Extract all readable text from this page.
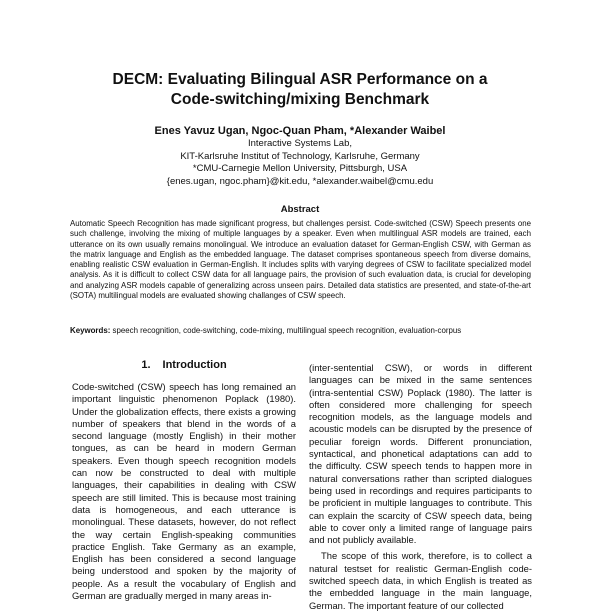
DECM: Evaluating Bilingual ASR Performance on a
Code-switching/mixing Benchmark
Enes Yavuz Ugan, Ngoc-Quan Pham, *Alexander Waibel
Interactive Systems Lab,
KIT-Karlsruhe Institut of Technology, Karlsruhe, Germany
*CMU-Carnegie Mellon University, Pittsburgh, USA
{enes.ugan, ngoc.pham}@kit.edu, *alexander.waibel@cmu.edu
Abstract
Automatic Speech Recognition has made significant progress, but challenges persist. Code-switched (CSW) Speech presents one such challenge, involving the mixing of multiple languages by a speaker. Even when multilingual ASR models are trained, each utterance on its own usually remains monolingual. We introduce an evaluation dataset for German-English CSW, with German as the matrix language and English as the embedded language. The dataset comprises spontaneous speech from diverse domains, enabling realistic CSW evaluation in German-English. It includes splits with varying degrees of CSW to facilitate specialized model analysis. As it is difficult to collect CSW data for all language pairs, the provision of such evaluation data, is crucial for developing and analyzing ASR models capable of generalizing across unseen pairs. Detailed data statistics are presented, and state-of-the-art (SOTA) multilingual models are evaluated showing challanges of CSW speech.
Keywords: speech recognition, code-switching, code-mixing, multilingual speech recognition, evaluation-corpus
1. Introduction

Code-switched (CSW) speech has long remained an important linguistic phenomenon Poplack (1980). Under the globalization effects, there exists a growing number of speakers that blend in the words of a second language (mostly English) in their mother tongues, as can be heard in modern German speakers. Even though speech recognition models can now be constructed to deal with multiple languages, their capabilities in dealing with CSW speech are still limited. This is because most training data is homogeneous, and each utterance is monolingual. These datasets, however, do not reflect the way certain English-speaking communities practice English. Take Germany as an example, English has been considered a second language being understood and spoken by the majority of people. As a result the vocabulary of English and German are gradually merged in many areas in-

(inter-sentential CSW), or words in different languages can be mixed in the same sentences (intra-sentential CSW) Poplack (1980). The latter is often considered more challenging for speech recognition models, as the language models and acoustic models can be disrupted by the presence of peculiar foreign words. Different pronunciation, syntactical, and phonetical adaptations can add to the difficulty. CSW speech tends to happen more in natural conversations rather than scripted dialogues being used in recordings and requires participants to be proficient in multiple languages to contribute. This can explain the scarcity of CSW speech data, being able to cover only a limited range of language pairs and not publicly available.

The scope of this work, therefore, is to collect a natural testset for realistic German-English code-switched speech data, in which English is treated as the embedded language in the main language, German. The important feature of our collected
